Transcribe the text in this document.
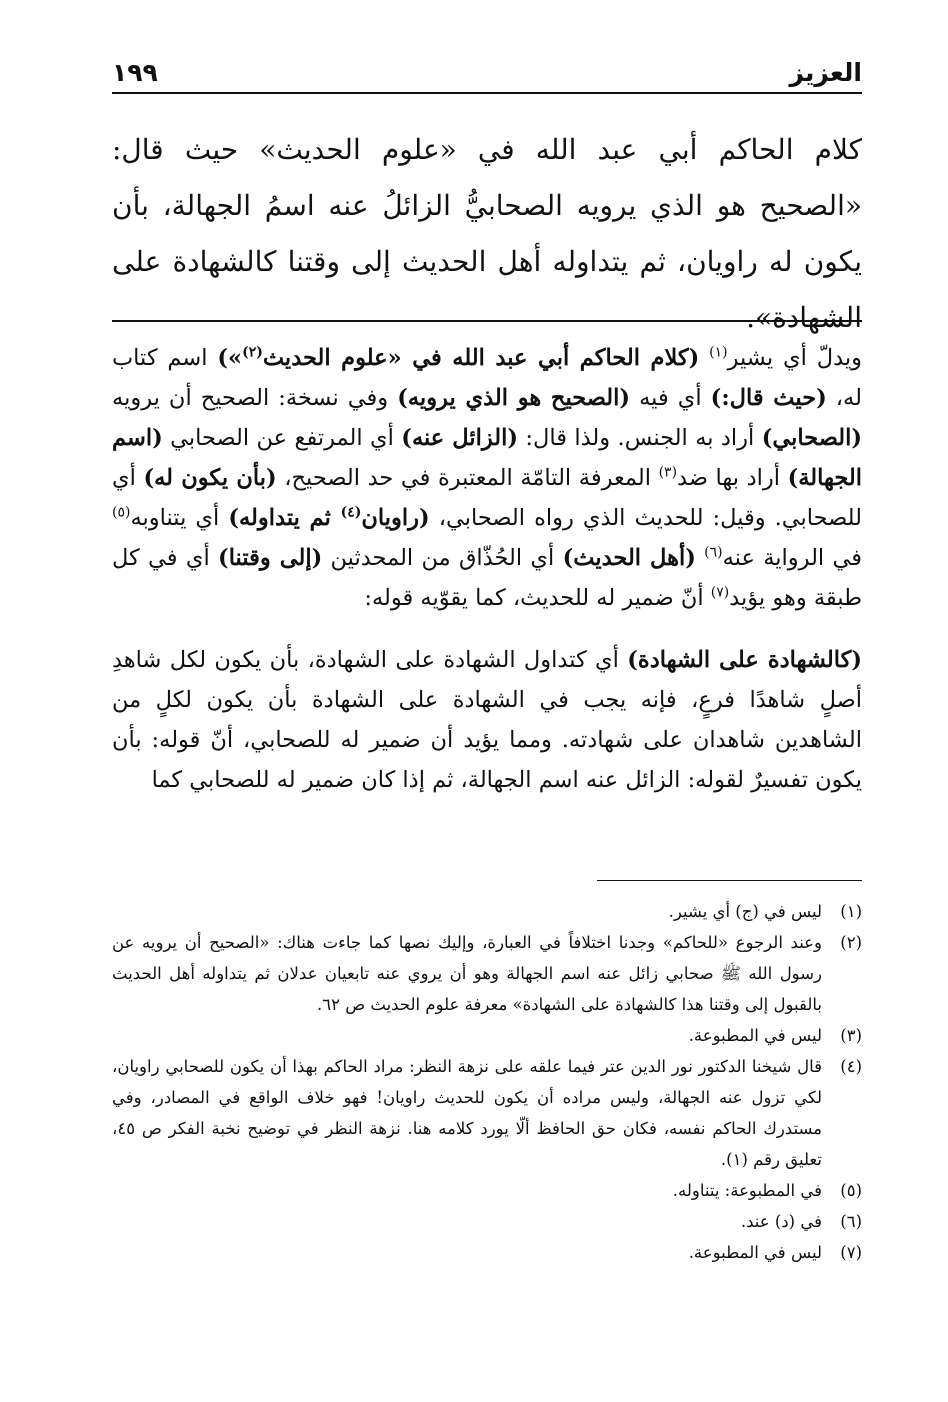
العزيز
١٩٩
كلام الحاكم أبي عبد الله في «علوم الحديث» حيث قال: «الصحيح هو الذي يرويه الصحابيُّ الزائلُ عنه اسمُ الجهالة، بأن يكون له راويان، ثم يتداوله أهل الحديث إلى وقتنا كالشهادة على الشهادة».

ويدلّ أي يشير$^{(١)}$ (كلام الحاكم أبي عبد الله في «علوم الحديث$^{(٢)}$») اسم كتاب له، (حيث قال:) أي فيه (الصحيح هو الذي يرويه) وفي نسخة: الصحيح أن يرويه (الصحابي) أراد به الجنس. ولذا قال: (الزائل عنه) أي المرتفع عن الصحابي (اسم الجهالة) أراد بها ضد$^{(٣)}$ المعرفة التامّة المعتبرة في حد الصحيح، (بأن يكون له) أي للصحابي. وقيل: للحديث الذي رواه الصحابي، (راويان$^{(٤)}$ ثم يتداوله) أي يتناوبه$^{(٥)}$ في الرواية عنه$^{(٦)}$ (أهل الحديث) أي الحُذّاق من المحدثين (إلى وقتنا) أي في كل طبقة وهو يؤيد$^{(٧)}$ أنّ ضمير له للحديث، كما يقوّيه قوله:

(كالشهادة على الشهادة) أي كتداول الشهادة على الشهادة، بأن يكون لكل شاهدِ أصلٍ شاهدًا فرعٍ، فإنه يجب في الشهادة على الشهادة بأن يكون لكلٍ من الشاهدين شاهدان على شهادته. ومما يؤيد أن ضمير له للصحابي، أنّ قوله: بأن يكون تفسيرٌ لقوله: الزائل عنه اسم الجهالة، ثم إذا كان ضمير له للصحابي كما

(١)
ليس في (ج) أي يشير.
(٢)
وعند الرجوع «للحاكم» وجدنا اختلافاً في العبارة، وإليك نصها كما جاءت هناك: «الصحيح أن يرويه عن رسول الله ﷺ صحابي زائل عنه اسم الجهالة وهو أن يروي عنه تابعيان عدلان ثم يتداوله أهل الحديث بالقبول إلى وقتنا هذا كالشهادة على الشهادة» معرفة علوم الحديث ص ٦٢.
(٣)
ليس في المطبوعة.
(٤)
قال شيخنا الدكتور نور الدين عتر فيما علقه على نزهة النظر: مراد الحاكم بهذا أن يكون للصحابي راويان، لكي تزول عنه الجهالة، وليس مراده أن يكون للحديث راويان! فهو خلاف الواقع في المصادر، وفي مستدرك الحاكم نفسه، فكان حق الحافظ ألّا يورد كلامه هنا. نزهة النظر في توضيح نخبة الفكر ص ٤٥، تعليق رقم (١).
(٥)
في المطبوعة: يتناوله.
(٦)
في (د) عند.
(٧)
ليس في المطبوعة.
